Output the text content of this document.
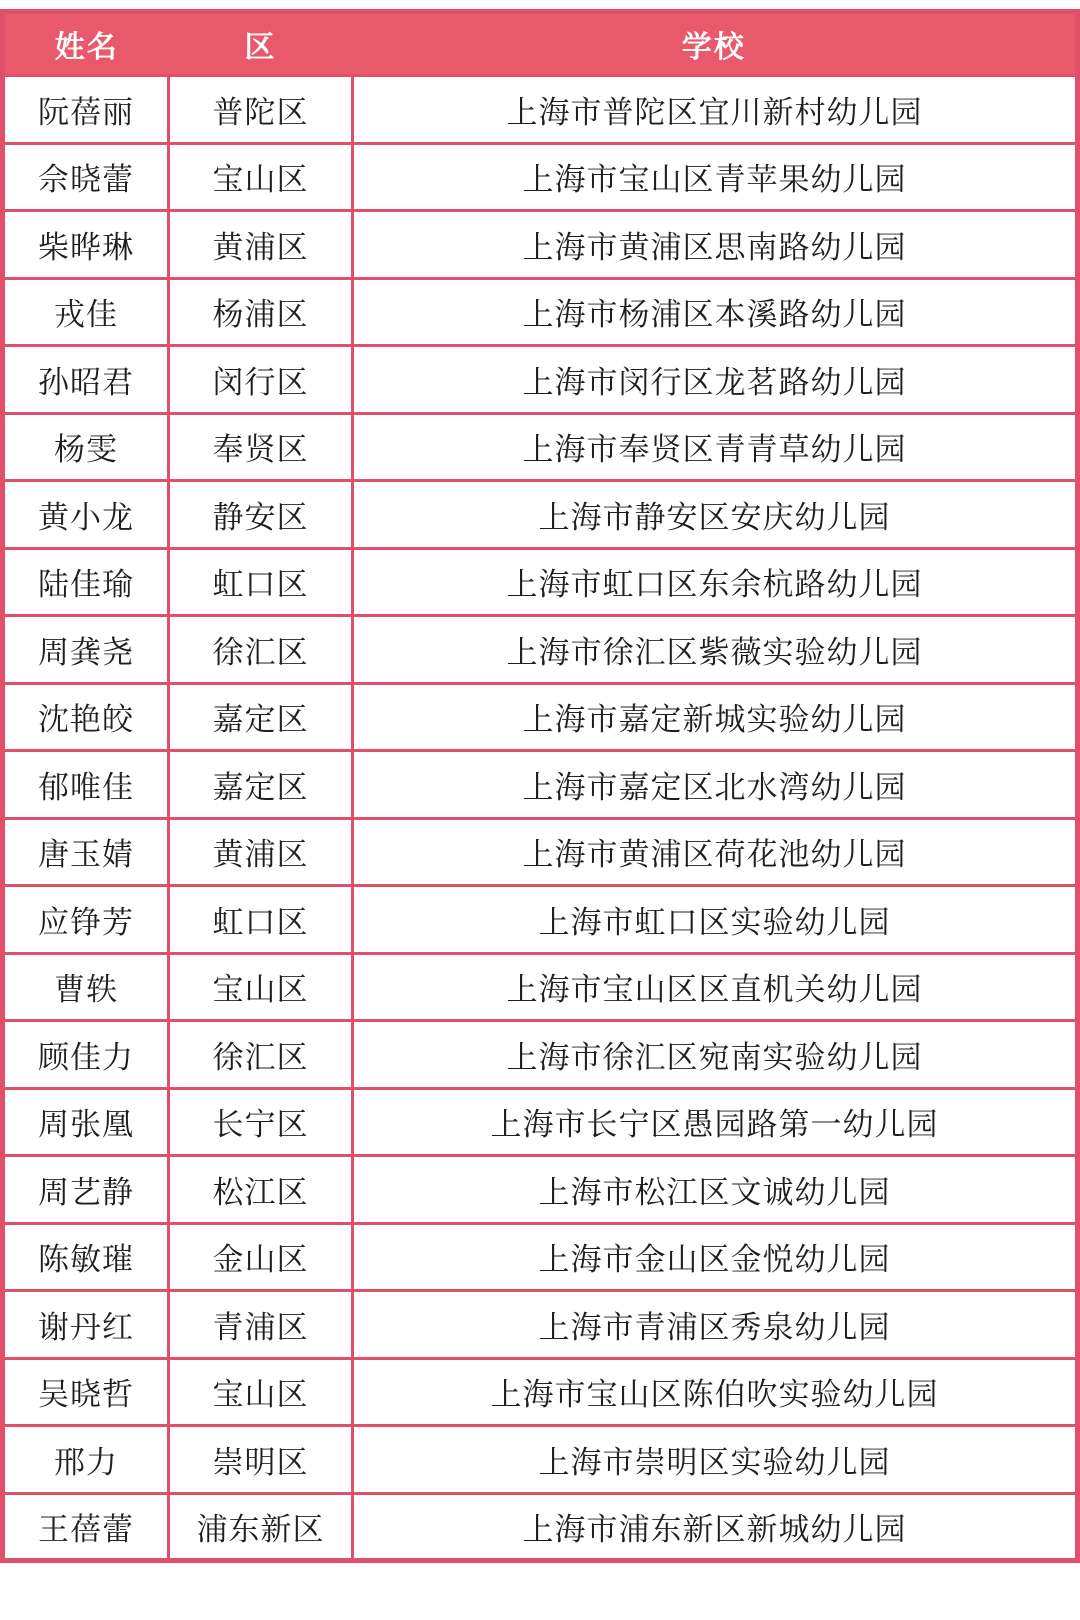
姓名	区	学校
阮蓓丽	普陀区	上海市普陀区宜川新村幼儿园
佘晓蕾	宝山区	上海市宝山区青苹果幼儿园
柴晔琳	黄浦区	上海市黄浦区思南路幼儿园
戎佳	杨浦区	上海市杨浦区本溪路幼儿园
孙昭君	闵行区	上海市闵行区龙茗路幼儿园
杨雯	奉贤区	上海市奉贤区青青草幼儿园
黄小龙	静安区	上海市静安区安庆幼儿园
陆佳瑜	虹口区	上海市虹口区东余杭路幼儿园
周龚尧	徐汇区	上海市徐汇区紫薇实验幼儿园
沈艳皎	嘉定区	上海市嘉定新城实验幼儿园
郁唯佳	嘉定区	上海市嘉定区北水湾幼儿园
唐玉婧	黄浦区	上海市黄浦区荷花池幼儿园
应铮芳	虹口区	上海市虹口区实验幼儿园
曹轶	宝山区	上海市宝山区区直机关幼儿园
顾佳力	徐汇区	上海市徐汇区宛南实验幼儿园
周张凰	长宁区	上海市长宁区愚园路第一幼儿园
周艺静	松江区	上海市松江区文诚幼儿园
陈敏璀	金山区	上海市金山区金悦幼儿园
谢丹红	青浦区	上海市青浦区秀泉幼儿园
吴晓哲	宝山区	上海市宝山区陈伯吹实验幼儿园
邢力	崇明区	上海市崇明区实验幼儿园
王蓓蕾	浦东新区	上海市浦东新区新城幼儿园
